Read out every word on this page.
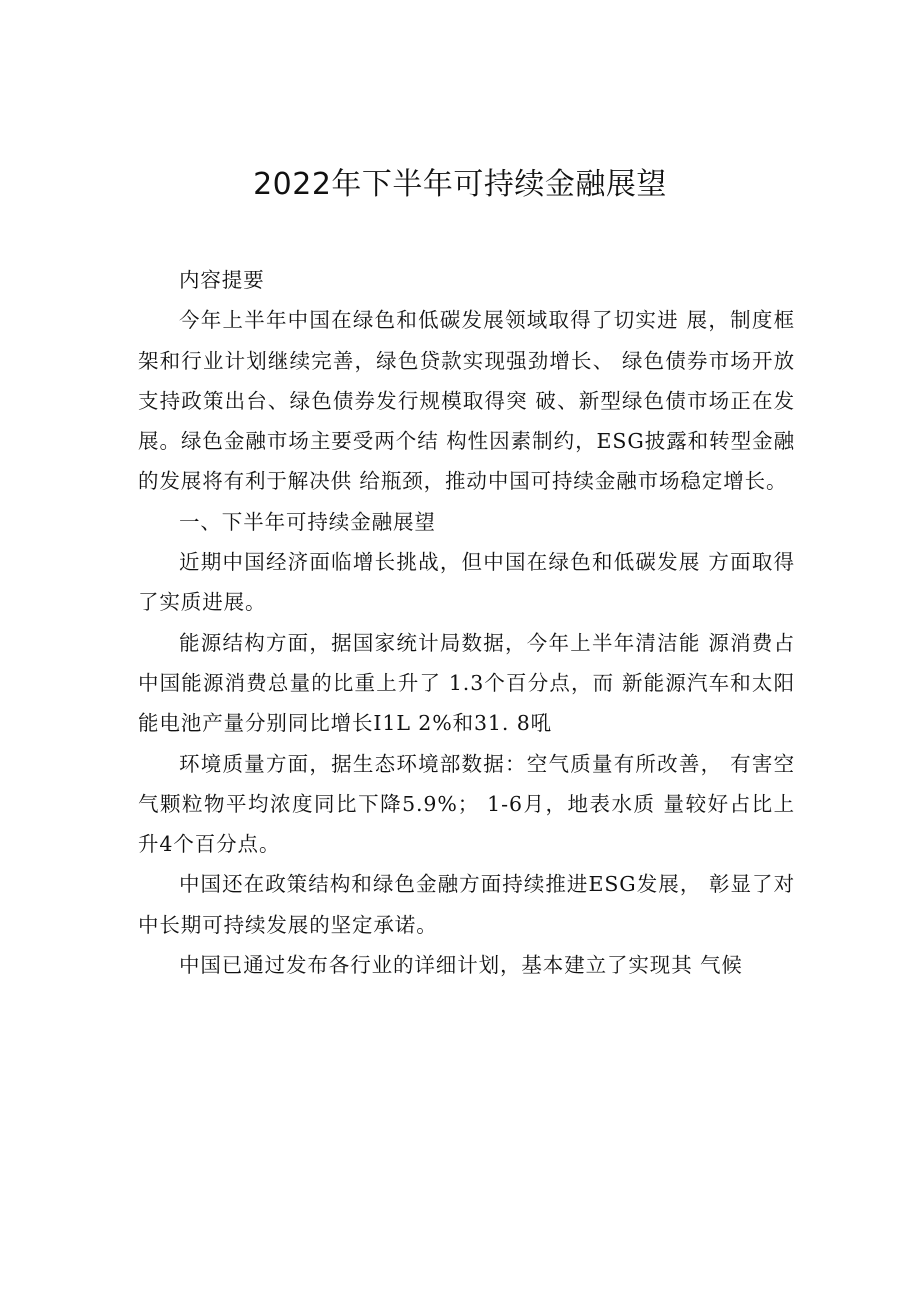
2022年下半年可持续金融展望

内容提要

今年上半年中国在绿色和低碳发展领域取得了切实进 展，制度框架和行业计划继续完善，绿色贷款实现强劲增长、 绿色债券市场开放支持政策出台、绿色债券发行规模取得突 破、新型绿色债市场正在发展。绿色金融市场主要受两个结 构性因素制约，ESG披露和转型金融的发展将有利于解决供 给瓶颈，推动中国可持续金融市场稳定增长。

一、下半年可持续金融展望

近期中国经济面临增长挑战，但中国在绿色和低碳发展 方面取得了实质进展。

能源结构方面，据国家统计局数据，今年上半年清洁能 源消费占中国能源消费总量的比重上升了 1.3个百分点，而 新能源汽车和太阳能电池产量分别同比增长I1L 2%和31. 8吼

环境质量方面，据生态环境部数据：空气质量有所改善， 有害空气颗粒物平均浓度同比下降5.9%； 1-6月，地表水质 量较好占比上升4个百分点。

中国还在政策结构和绿色金融方面持续推进ESG发展， 彰显了对中长期可持续发展的坚定承诺。

中国已通过发布各行业的详细计划，基本建立了实现其 气候
